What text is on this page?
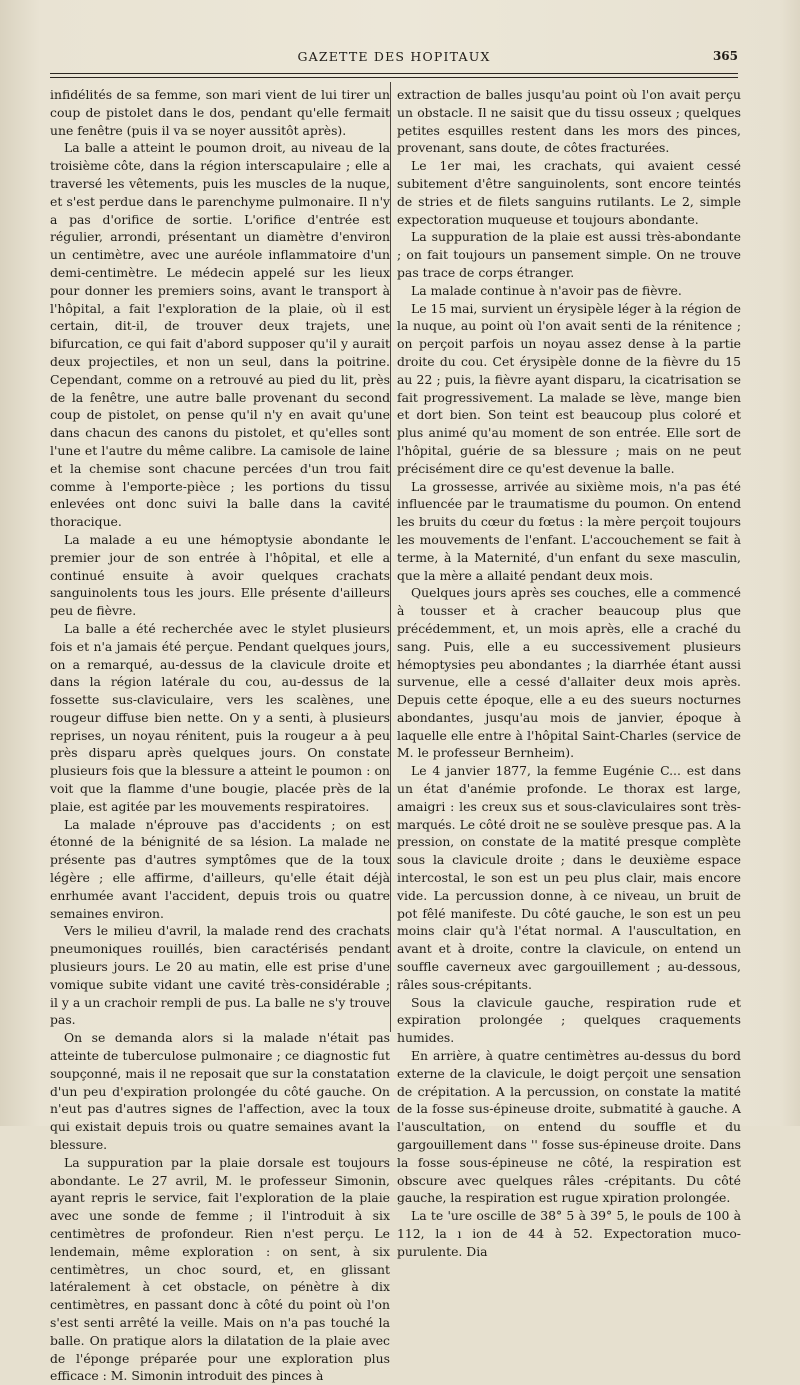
GAZETTE DES HOPITAUX	365

infidélités de sa femme, son mari vient de lui tirer un coup de pistolet dans le dos, pendant qu'elle fermait une fenêtre (puis il va se noyer aussitôt après).

La balle a atteint le poumon droit, au niveau de la troisième côte, dans la région interscapulaire ; elle a traversé les vêtements, puis les muscles de la nuque, et s'est perdue dans le parenchyme pulmonaire. Il n'y a pas d'orifice de sortie. L'orifice d'entrée est régulier, arrondi, présentant un diamètre d'environ un centimètre, avec une auréole inflammatoire d'un demi-centimètre. Le médecin appelé sur les lieux pour donner les premiers soins, avant le transport à l'hôpital, a fait l'exploration de la plaie, où il est certain, dit-il, de trouver deux trajets, une bifurcation, ce qui fait d'abord supposer qu'il y aurait deux projectiles, et non un seul, dans la poitrine. Cependant, comme on a retrouvé au pied du lit, près de la fenêtre, une autre balle provenant du second coup de pistolet, on pense qu'il n'y en avait qu'une dans chacun des canons du pistolet, et qu'elles sont l'une et l'autre du même calibre. La camisole de laine et la chemise sont chacune percées d'un trou fait comme à l'emporte-pièce ; les portions du tissu enlevées ont donc suivi la balle dans la cavité thoracique.

La malade a eu une hémoptysie abondante le premier jour de son entrée à l'hôpital, et elle a continué ensuite à avoir quelques crachats sanguinolents tous les jours. Elle présente d'ailleurs peu de fièvre.

La balle a été recherchée avec le stylet plusieurs fois et n'a jamais été perçue. Pendant quelques jours, on a remarqué, au-dessus de la clavicule droite et dans la région latérale du cou, au-dessus de la fossette sus-claviculaire, vers les scalènes, une rougeur diffuse bien nette. On y a senti, à plusieurs reprises, un noyau rénitent, puis la rougeur a à peu près disparu après quelques jours. On constate plusieurs fois que la blessure a atteint le poumon : on voit que la flamme d'une bougie, placée près de la plaie, est agitée par les mouvements respiratoires.

La malade n'éprouve pas d'accidents ; on est étonné de la bénignité de sa lésion. La malade ne présente pas d'autres symptômes que de la toux légère ; elle affirme, d'ailleurs, qu'elle était déjà enrhumée avant l'accident, depuis trois ou quatre semaines environ.

Vers le milieu d'avril, la malade rend des crachats pneumoniques rouillés, bien caractérisés pendant plusieurs jours. Le 20 au matin, elle est prise d'une vomique subite vidant une cavité très-considérable ; il y a un crachoir rempli de pus. La balle ne s'y trouve pas.

On se demanda alors si la malade n'était pas atteinte de tuberculose pulmonaire ; ce diagnostic fut soupçonné, mais il ne reposait que sur la constatation d'un peu d'expiration prolongée du côté gauche. On n'eut pas d'autres signes de l'affection, avec la toux qui existait depuis trois ou quatre semaines avant la blessure.

La suppuration par la plaie dorsale est toujours abondante. Le 27 avril, M. le professeur Simonin, ayant repris le service, fait l'exploration de la plaie avec une sonde de femme ; il l'introduit à six centimètres de profondeur. Rien n'est perçu. Le lendemain, même exploration : on sent, à six centimètres, un choc sourd, et, en glissant latéralement à cet obstacle, on pénètre à dix centimètres, en passant donc à côté du point où l'on s'est senti arrêté la veille. Mais on n'a pas touché la balle. On pratique alors la dilatation de la plaie avec de l'éponge préparée pour une exploration plus efficace : M. Simonin introduit des pinces à

extraction de balles jusqu'au point où l'on avait perçu un obstacle. Il ne saisit que du tissu osseux ; quelques petites esquilles restent dans les mors des pinces, provenant, sans doute, de côtes fracturées.

Le 1er mai, les crachats, qui avaient cessé subitement d'être sanguinolents, sont encore teintés de stries et de filets sanguins rutilants. Le 2, simple expectoration muqueuse et toujours abondante.

La suppuration de la plaie est aussi très-abondante ; on fait toujours un pansement simple. On ne trouve pas trace de corps étranger.

La malade continue à n'avoir pas de fièvre.

Le 15 mai, survient un érysipèle léger à la région de la nuque, au point où l'on avait senti de la rénitence ; on perçoit parfois un noyau assez dense à la partie droite du cou. Cet érysipèle donne de la fièvre du 15 au 22 ; puis, la fièvre ayant disparu, la cicatrisation se fait progressivement. La malade se lève, mange bien et dort bien. Son teint est beaucoup plus coloré et plus animé qu'au moment de son entrée. Elle sort de l'hôpital, guérie de sa blessure ; mais on ne peut précisément dire ce qu'est devenue la balle.

La grossesse, arrivée au sixième mois, n'a pas été influencée par le traumatisme du poumon. On entend les bruits du cœur du fœtus : la mère perçoit toujours les mouvements de l'enfant. L'accouchement se fait à terme, à la Maternité, d'un enfant du sexe masculin, que la mère a allaité pendant deux mois.

Quelques jours après ses couches, elle a commencé à tousser et à cracher beaucoup plus que précédemment, et, un mois après, elle a craché du sang. Puis, elle a eu successivement plusieurs hémoptysies peu abondantes ; la diarrhée étant aussi survenue, elle a cessé d'allaiter deux mois après. Depuis cette époque, elle a eu des sueurs nocturnes abondantes, jusqu'au mois de janvier, époque à laquelle elle entre à l'hôpital Saint-Charles (service de M. le professeur Bernheim).

Le 4 janvier 1877, la femme Eugénie C... est dans un état d'anémie profonde. Le thorax est large, amaigri : les creux sus et sous-claviculaires sont très-marqués. Le côté droit ne se soulève presque pas. A la pression, on constate de la matité presque complète sous la clavicule droite ; dans le deuxième espace intercostal, le son est un peu plus clair, mais encore vide. La percussion donne, à ce niveau, un bruit de pot fêlé manifeste. Du côté gauche, le son est un peu moins clair qu'à l'état normal. A l'auscultation, en avant et à droite, contre la clavicule, on entend un souffle caverneux avec gargouillement ; au-dessous, râles sous-crépitants.

Sous la clavicule gauche, respiration rude et expiration prolongée ; quelques craquements humides.

En arrière, à quatre centimètres au-dessus du bord externe de la clavicule, le doigt perçoit une sensation de crépitation. A la percussion, on constate la matité de la fosse sus-épineuse droite, submatité à gauche. A l'auscultation, on entend du souffle et du gargouillement dans '' fosse sus-épineuse droite. Dans la fosse sous-épineuse ne côté, la respiration est obscure avec quelques râles -crépitants. Du côté gauche, la respiration est rugue xpiration prolongée.

La te 'ure oscille de 38° 5 à 39° 5, le pouls de 100 à 112, la ı ion de 44 à 52. Expectoration muco-purulente. Dia
